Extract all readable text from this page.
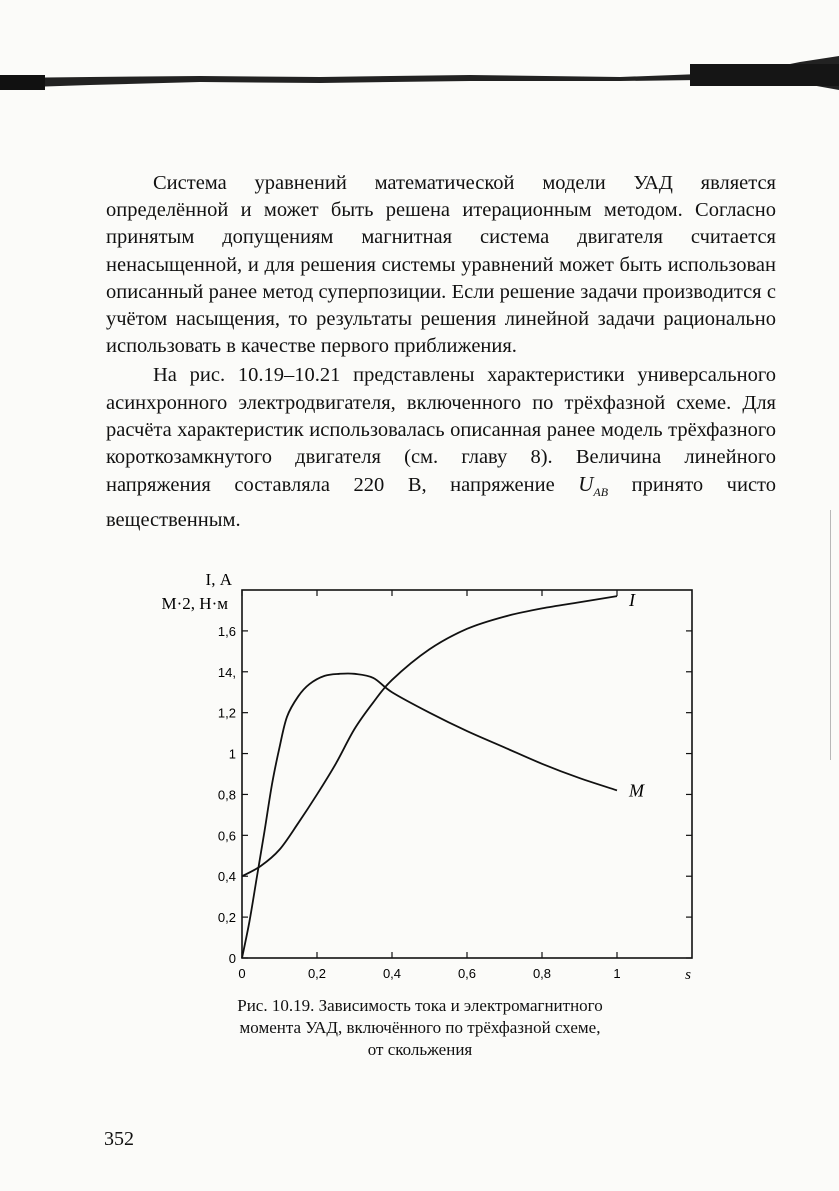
Система уравнений математической модели УАД является определённой и может быть решена итерационным методом. Согласно принятым допущениям магнитная система двигателя считается ненасыщенной, и для решения системы уравнений может быть использован описанный ранее метод суперпозиции. Если решение задачи производится с учётом насыщения, то результаты решения линейной задачи рационально использовать в качестве первого приближения.

На рис. 10.19–10.21 представлены характеристики универсального асинхронного электродвигателя, включенного по трёхфазной схеме. Для расчёта характеристик использовалась описанная ранее модель трёхфазного короткозамкнутого двигателя (см. главу 8). Величина линейного напряжения составляла 220 В, напряжение $U_{AB}$ принято чисто вещественным.

0
0,2
0,4
0,6
0,8
1
1,2
14,
1,6
0	0,2	0,4	0,6	0,8	1	s
I, А
M·2, Н·м	I
M
Рис. 10.19. Зависимость тока и электромагнитного
момента УАД, включённого по трёхфазной схеме,
от скольжения
352
